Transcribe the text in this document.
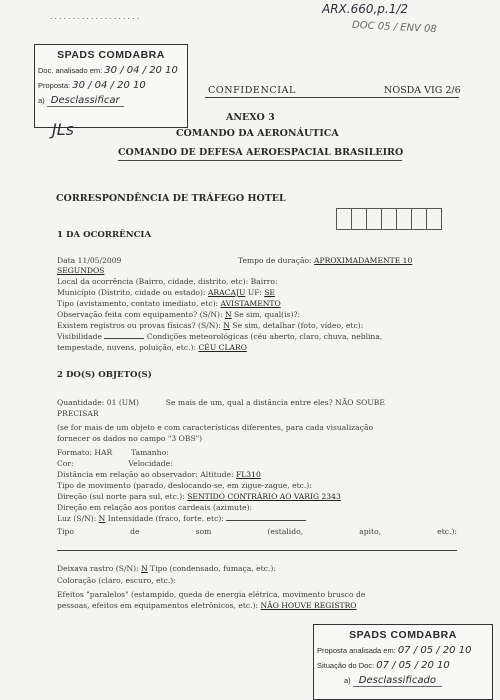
· · · · · · · · · · · · · · · · · · · ·
ARX.660,p.1/2
DOC 05 / ENV 08
SPADS COMDABRA
Doc. analisado em: 30 / 04 / 20 10
Proposta: 30 / 04 / 20 10
a) Desclassificar
JLs
CONFIDENCIAL	NOSDA VIG 2/6
ANEXO 3
COMANDO DA AERONÁUTICA
COMANDO DE DEFESA AEROESPACIAL BRASILEIRO
CORRESPONDÊNCIA DE TRÁFEGO HOTEL
1 DA OCORRÊNCIA
Data 11/05/2009	Tempo de duração: APROXIMADAMENTE 10
SEGUNDOS
Local da ocorrência (Bairro, cidade, distrito, etc): Bairro:
Município (Distrito, cidade ou estado): ARACAJU UF: SE
Tipo (avistamento, contato imediato, etc): AVISTAMENTO
Observação feita com equipamento? (S/N): N Se sim, qual(is)?:
Existem registros ou provas físicas? (S/N): N Se sim, detalhar (foto, vídeo, etc):
Visibilidade	Condições meteorológicas (céu aberto, claro, chuva, neblina,
tempestade, nuvens, poluição, etc.): CÉU CLARO
2 DO(S) OBJETO(S)
Quantidade: 01 (UM)	Se mais de um, qual a distância entre eles? NÃO SOUBE
PRECISAR
(se for mais de um objeto e com características diferentes, para cada visualização
fornecer os dados no campo "3 OBS")
Formato: HAR Tamanho:
Cor:	Velocidade:
Distância em relação ao observador: Altitude: FL310
Tipo de movimento (parado, deslocando-se, em zigue-zague, etc.):
Direção (sul norte para sul, etc.): SENTIDO CONTRÁRIO AO VARIG 2343
Direção em relação aos pontos cardeais (azimute):
Luz (S/N): N Intensidade (fraco, forte, etc):
Tipo	de	som	(estalido,	apito,	etc.):
Deixava rastro (S/N): N Tipo (condensado, fumaça, etc.):
Coloração (claro, escuro, etc.):
Efeitos "paralelos" (estampido, queda de energia elétrica, movimento brusco de
pessoas, efeitos em equipamentos eletrônicos, etc.): NÃO HOUVE REGISTRO
SPADS COMDABRA
Proposta analisada em: 07 / 05 / 20 10
Situação do Doc: 07 / 05 / 20 10
a) Desclassificado
